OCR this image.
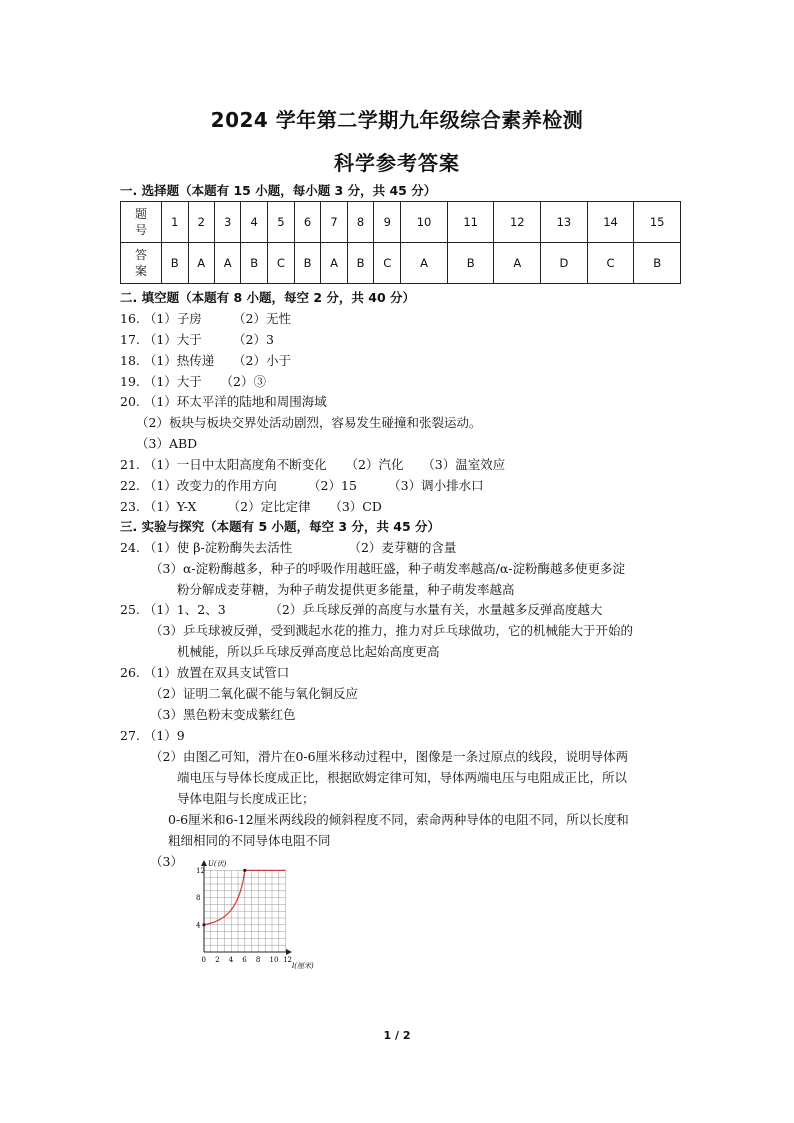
2024 学年第二学期九年级综合素养检测
科学参考答案
一. 选择题（本题有 15 小题，每小题 3 分，共 45 分）
题号	1	2	3	4	5	6	7	8	9	10	11	12	13	14	15

答案	B	A	A	B	C	B	A	B	C	A	B	A	D	C	B
二. 填空题（本题有 8 小题，每空 2 分，共 40 分）
16. （1）子房　　　（2）无性
17. （1）大于　　　（2）3
18. （1）热传递　　（2）小于
19. （1）大于　　（2）③
20. （1）环太平洋的陆地和周围海域
（2）板块与板块交界处活动剧烈，容易发生碰撞和张裂运动。
（3）ABD
21. （1）一日中太阳高度角不断变化　　（2）汽化　　（3）温室效应
22. （1）改变力的作用方向　　　（2）15　　　（3）调小排水口
23. （1）Y-X　　　（2）定比定律　　（3）CD
三. 实验与探究（本题有 5 小题，每空 3 分，共 45 分）
24. （1）使 β-淀粉酶失去活性　　　　　（2）麦芽糖的含量
（3）α-淀粉酶越多，种子的呼吸作用越旺盛，种子萌发率越高/α-淀粉酶越多使更多淀
粉分解成麦芽糖，为种子萌发提供更多能量，种子萌发率越高
25. （1）1、2、3　　　　（2）乒乓球反弹的高度与水量有关，水量越多反弹高度越大
（3）乒乓球被反弹，受到溅起水花的推力，推力对乒乓球做功，它的机械能大于开始的
机械能，所以乒乓球反弹高度总比起始高度更高
26. （1）放置在双具支试管口
（2）证明二氧化碳不能与氧化铜反应
（3）黑色粉末变成紫红色
27. （1）9
（2）由图乙可知，滑片在0-6厘米移动过程中，图像是一条过原点的线段，说明导体两
端电压与导体长度成正比，根据欧姆定律可知，导体两端电压与电阻成正比，所以
导体电阻与长度成正比；
0-6厘米和6-12厘米两线段的倾斜程度不同，索命两种导体的电阻不同，所以长度和
粗细相同的不同导体电阻不同
（3）	U(伏)
l(厘米)
4
8
12
0 2 4 6 8 10 12
1 / 2
